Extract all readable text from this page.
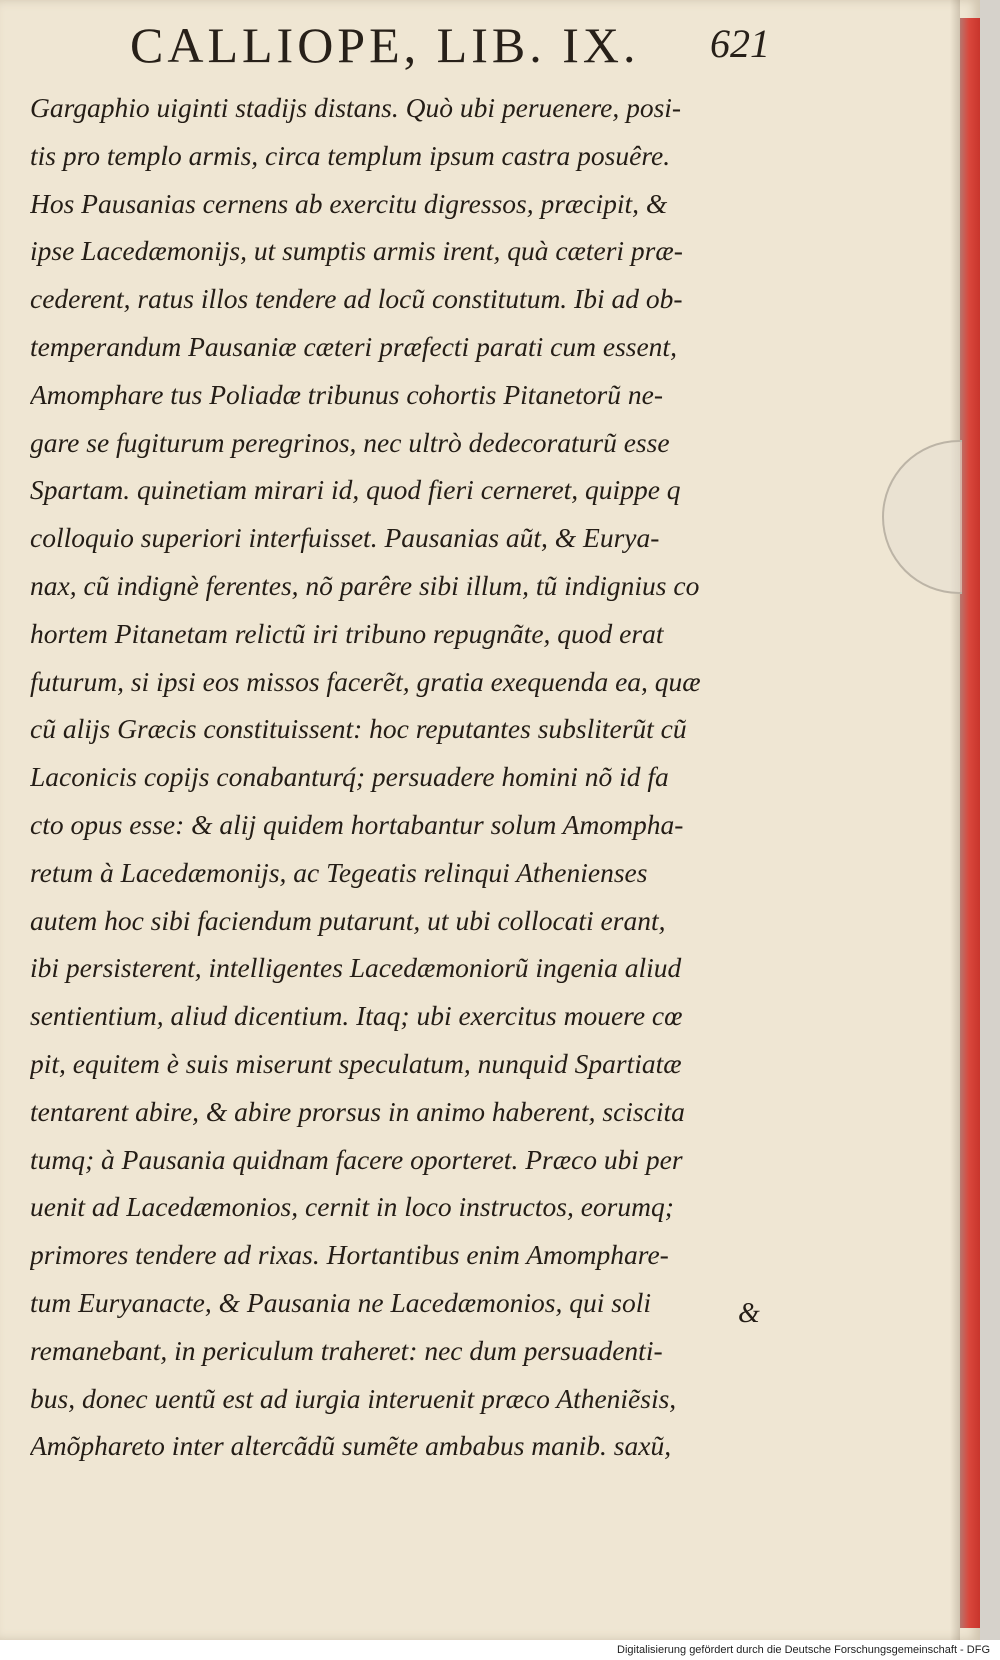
CALLIOPE, LIB. IX.	621
Gargaphio uiginti stadijs distans. Quò ubi peruenere, posi-
tis pro templo armis, circa templum ipsum castra posuêre.
Hos Pausanias cernens ab exercitu digressos, præcipit, &
ipse Lacedæmonijs, ut sumptis armis irent, quà cæteri præ-
cederent, ratus illos tendere ad locũ constitutum. Ibi ad ob-
temperandum Pausaniæ cæteri præfecti parati cum essent,
Amomphare tus Poliadæ tribunus cohortis Pitanetorũ ne-
gare se fugiturum peregrinos, nec ultrò dedecoraturũ esse
Spartam. quinetiam mirari id, quod fieri cerneret, quippe q
colloquio superiori interfuisset. Pausanias aũt, & Eurya-
nax, cũ indignè ferentes, nõ parêre sibi illum, tũ indignius co
hortem Pitanetam relictũ iri tribuno repugnãte, quod erat
futurum, si ipsi eos missos facerẽt, gratia exequenda ea, quæ
cũ alijs Græcis constituissent: hoc reputantes subsliterũt cũ
Laconicis copijs conabanturq́; persuadere homini nõ id fa
cto opus esse: & alij quidem hortabantur solum Amompha-
retum à Lacedæmonijs, ac Tegeatis relinqui Athenienses
autem hoc sibi faciendum putarunt, ut ubi collocati erant,
ibi persisterent, intelligentes Lacedæmoniorũ ingenia aliud
sentientium, aliud dicentium. Itaq; ubi exercitus mouere cœ
pit, equitem è suis miserunt speculatum, nunquid Spartiatæ
tentarent abire, & abire prorsus in animo haberent, sciscita
tumq; à Pausania quidnam facere oporteret. Præco ubi per
uenit ad Lacedæmonios, cernit in loco instructos, eorumq;
primores tendere ad rixas. Hortantibus enim Amomphare-
tum Euryanacte, & Pausania ne Lacedæmonios, qui soli
remanebant, in periculum traheret: nec dum persuadenti-
bus, donec uentũ est ad iurgia interuenit præco Atheniẽsis,
Amõphareto inter altercãdũ sumẽte ambabus manib. saxũ,
&
Digitalisierung gefördert durch die Deutsche Forschungsgemeinschaft - DFG
